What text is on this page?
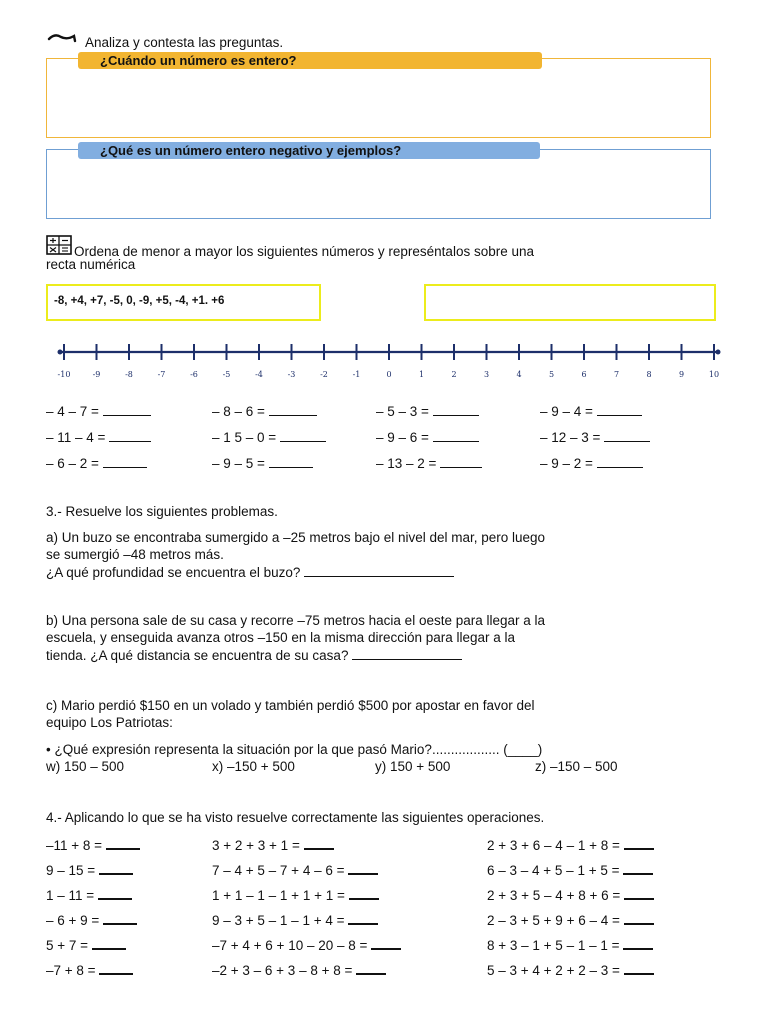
Analiza y contesta las preguntas.
¿Cuándo un número es entero?
¿Qué es un número entero negativo y ejemplos?
Ordena de menor a mayor los siguientes números y represéntalos sobre una
recta numérica
-8, +4, +7, -5, 0, -9, +5, -4, +1. +6
-10	-9	-8	-7	-6	-5	-4	-3	-2	-1	0	1	2	3	4	5	6	7	8	9	10
– 4 – 7 =	– 8 – 6 =	– 5 – 3 =	– 9 – 4 =
– 11 – 4 =	– 1 5 – 0 =	– 9 – 6 =	– 12 – 3 =
– 6 – 2 =	– 9 – 5 =	– 13 – 2 =	– 9 – 2 =
3.- Resuelve los siguientes problemas.
a) Un buzo se encontraba sumergido a –25 metros bajo el nivel del mar, pero luego
se sumergió –48 metros más.
¿A qué profundidad se encuentra el buzo?
b) Una persona sale de su casa y recorre –75 metros hacia el oeste para llegar a la
escuela, y enseguida avanza otros –150 en la misma dirección para llegar a la
tienda. ¿A qué distancia se encuentra de su casa?
c) Mario perdió $150 en un volado y también perdió $500 por apostar en favor del
equipo Los Patriotas:
• ¿Qué expresión representa la situación por la que pasó Mario?.................. (____)
w) 150 – 500	x) –150 + 500	y) 150 + 500	z) –150 – 500
4.- Aplicando lo que se ha visto resuelve correctamente las siguientes operaciones.
–11 + 8 =	3 + 2 + 3 + 1 =	2 + 3 + 6 – 4 – 1 + 8 =
9 – 15 =	7 – 4 + 5 – 7 + 4 – 6 =	6 – 3 – 4 + 5 – 1 + 5 =
1 – 11 =	1 + 1 – 1 – 1 + 1 + 1 =	2 + 3 + 5 – 4 + 8 + 6 =
– 6 + 9 =	9 – 3 + 5 – 1 – 1 + 4 =	2 – 3 + 5 + 9 + 6 – 4 =
5 + 7 =	–7 + 4 + 6 + 10 – 20 – 8 =	8 + 3 – 1 + 5 – 1 – 1 =
–7 + 8 =	–2 + 3 – 6 + 3 – 8 + 8 =	5 – 3 + 4 + 2 + 2 – 3 =
